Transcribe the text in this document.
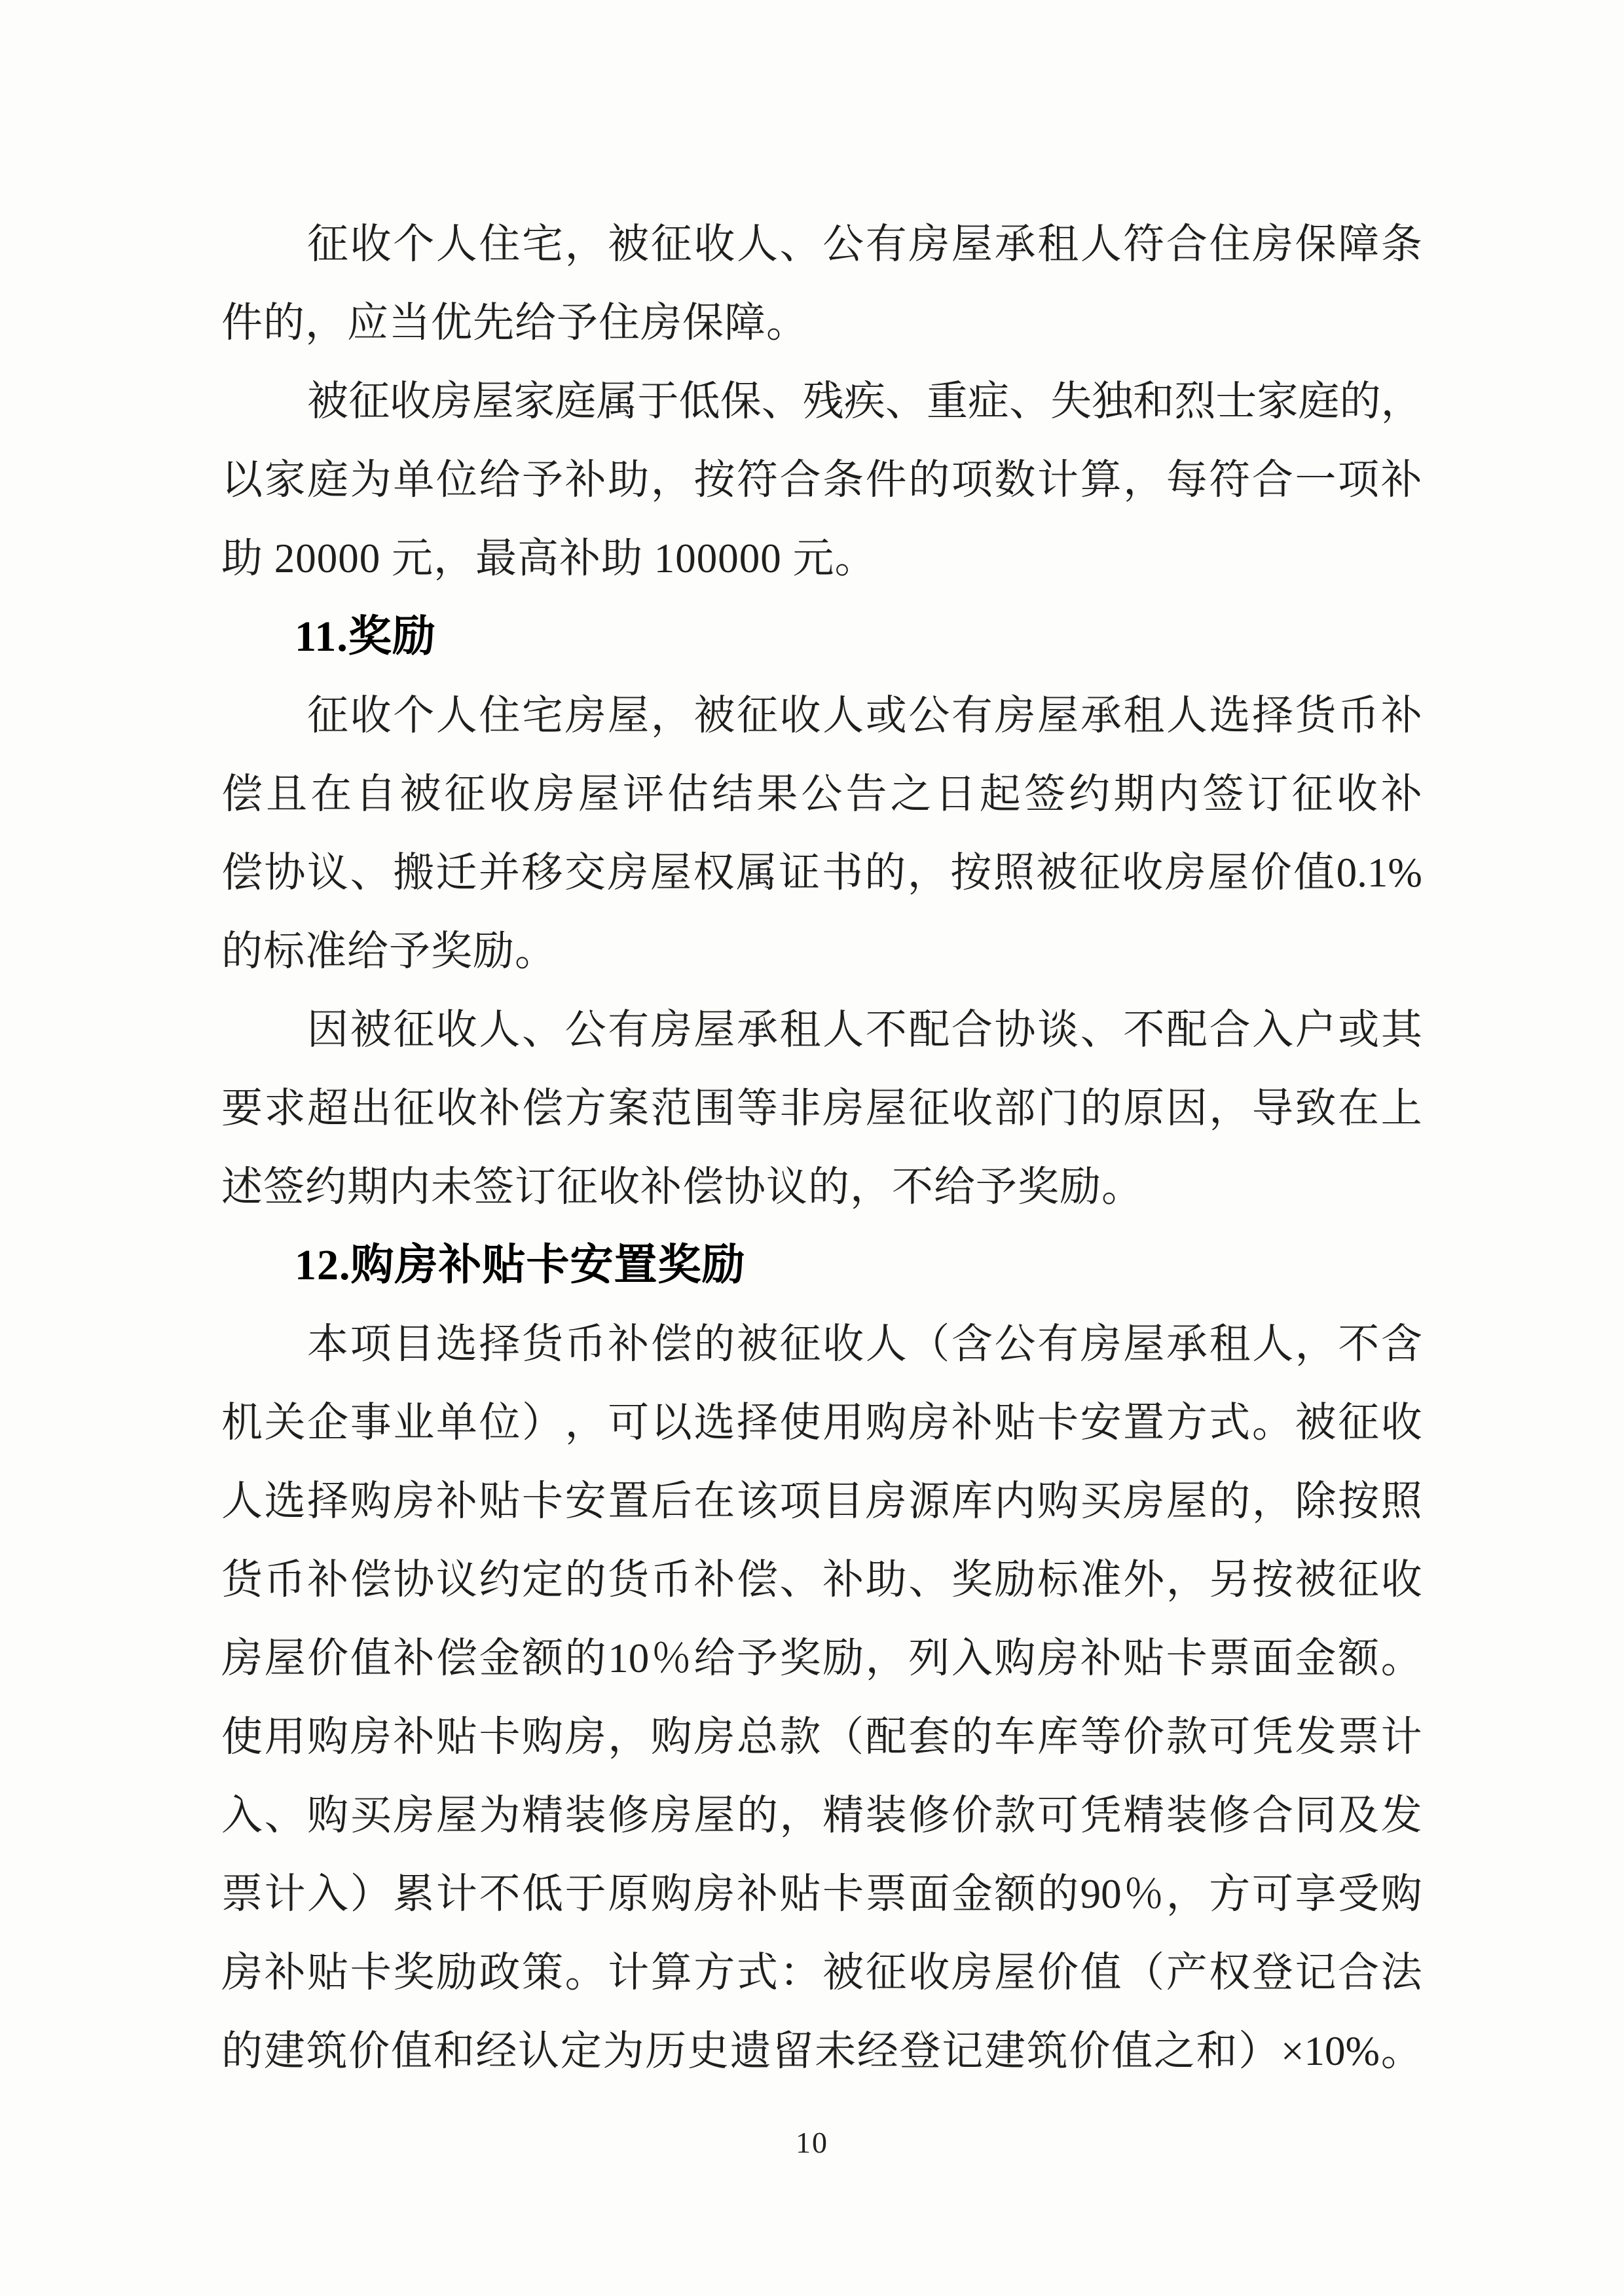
征 收 个 人 住 宅 ， 被 征 收 人 、 公 有 房 屋 承 租 人 符 合 住 房 保 障 条
件的，应当优先给予住房保障。
被 征 收 房 屋 家 庭 属 于 低 保 、 残 疾 、 重 症 、 失 独 和 烈 士 家 庭 的 ，
以 家 庭 为 单 位 给 予 补 助 ， 按 符 合 条 件 的 项 数 计 算 ， 每 符 合 一 项 补
助 20000 元，最高补助 100000 元。
11.奖励
征 收 个 人 住 宅 房 屋 ， 被 征 收 人 或 公 有 房 屋 承 租 人 选 择 货 币 补
偿 且 在 自 被 征 收 房 屋 评 估 结 果 公 告 之 日 起 签 约 期 内 签 订 征 收 补
偿 协 议 、 搬 迁 并 移 交 房 屋 权 属 证 书 的 ， 按 照 被 征 收 房 屋 价 值 0.1%
的标准给予奖励。
因 被 征 收 人 、 公 有 房 屋 承 租 人 不 配 合 协 谈 、 不 配 合 入 户 或 其
要 求 超 出 征 收 补 偿 方 案 范 围 等 非 房 屋 征 收 部 门 的 原 因 ， 导 致 在 上
述签约期内未签订征收补偿协议的，不给予奖励。
12.购房补贴卡安置奖励
本 项 目 选 择 货 币 补 偿 的 被 征 收 人 （ 含 公 有 房 屋 承 租 人 ， 不 含
机 关 企 事 业 单 位 ） ， 可 以 选 择 使 用 购 房 补 贴 卡 安 置 方 式 。 被 征 收
人 选 择 购 房 补 贴 卡 安 置 后 在 该 项 目 房 源 库 内 购 买 房 屋 的 ， 除 按 照
货 币 补 偿 协 议 约 定 的 货 币 补 偿 、 补 助 、 奖 励 标 准 外 ， 另 按 被 征 收
房 屋 价 值 补 偿 金 额 的 10 ％ 给 予 奖 励 ， 列 入 购 房 补 贴 卡 票 面 金 额 。
使 用 购 房 补 贴 卡 购 房 ， 购 房 总 款 （ 配 套 的 车 库 等 价 款 可 凭 发 票 计
入 、 购 买 房 屋 为 精 装 修 房 屋 的 ， 精 装 修 价 款 可 凭 精 装 修 合 同 及 发
票 计 入 ） 累 计 不 低 于 原 购 房 补 贴 卡 票 面 金 额 的 90 ％ ， 方 可 享 受 购
房 补 贴 卡 奖 励 政 策 。 计 算 方 式 ： 被 征 收 房 屋 价 值 （ 产 权 登 记 合 法
的 建 筑 价 值 和 经 认 定 为 历 史 遗 留 未 经 登 记 建 筑 价 值 之 和 ） ×10% 。
10
